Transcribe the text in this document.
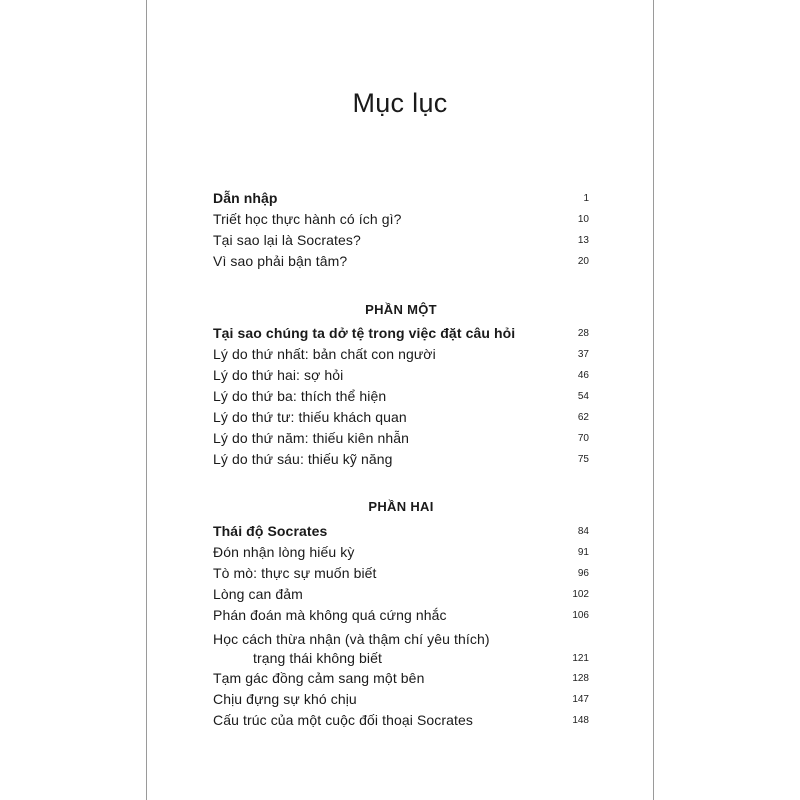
Mục lục
Dẫn nhập	1
Triết học thực hành có ích gì?	10
Tại sao lại là Socrates?	13
Vì sao phải bận tâm?	20
PHẦN MỘT
Tại sao chúng ta dở tệ trong việc đặt câu hỏi	28
Lý do thứ nhất: bản chất con người	37
Lý do thứ hai: sợ hỏi	46
Lý do thứ ba: thích thể hiện	54
Lý do thứ tư: thiếu khách quan	62
Lý do thứ năm: thiếu kiên nhẫn	70
Lý do thứ sáu: thiếu kỹ năng	75
PHẦN HAI
Thái độ Socrates	84
Đón nhận lòng hiếu kỳ	91
Tò mò: thực sự muốn biết	96
Lòng can đảm	102
Phán đoán mà không quá cứng nhắc	106
Học cách thừa nhận (và thậm chí yêu thích)
trạng thái không biết	121
Tạm gác đồng cảm sang một bên	128
Chịu đựng sự khó chịu	147
Cấu trúc của một cuộc đối thoại Socrates	148
